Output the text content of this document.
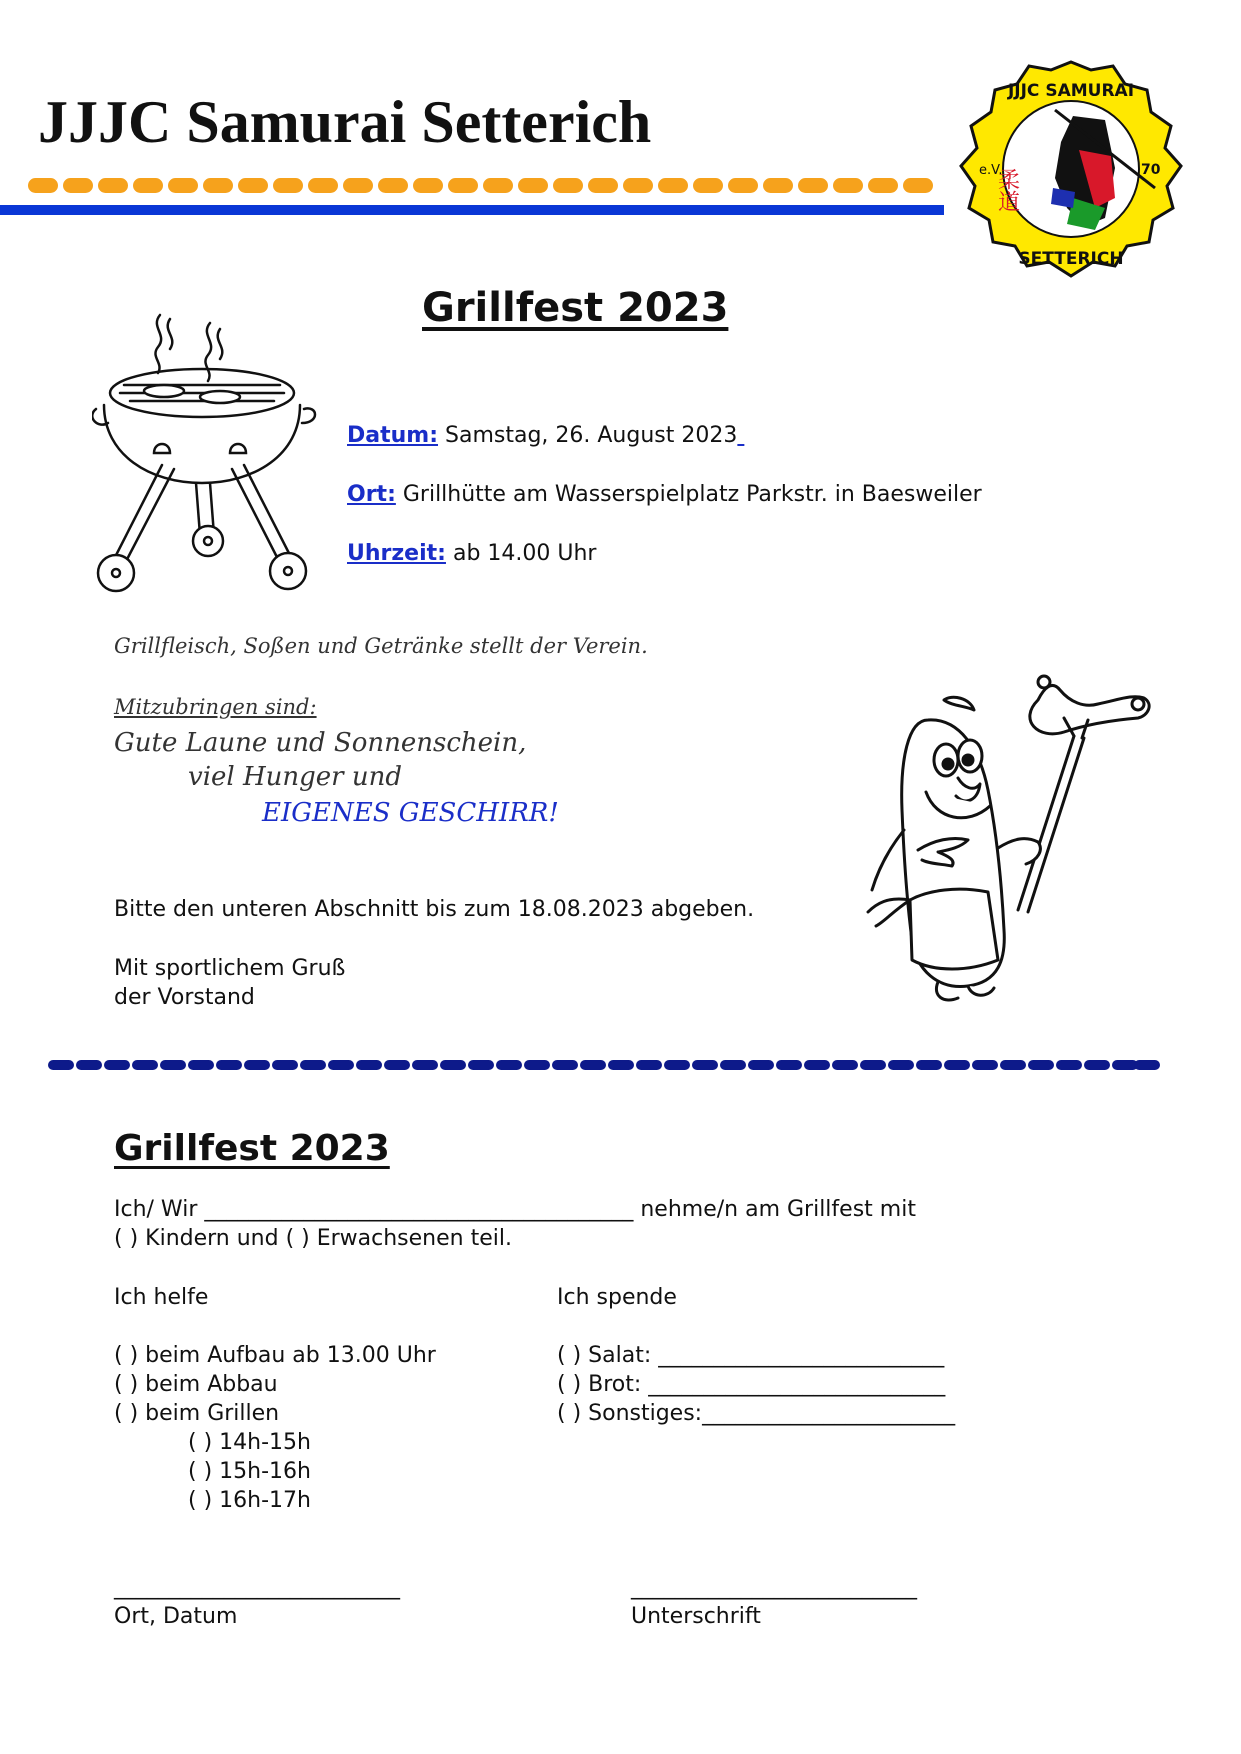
JJJC Samurai Setterich	JJJC SAMURAI
SETTERICH
e.V.	70
柔道
Grillfest 2023
Datum: Samstag, 26. August 2023
Ort: Grillhütte am Wasserspielplatz Parkstr. in Baesweiler
Uhrzeit: ab 14.00 Uhr
Grillfleisch, Soßen und Getränke stellt der Verein.
Mitzubringen sind:
Gute Laune und Sonnenschein,
viel Hunger und
EIGENES GESCHIRR!
Bitte den unteren Abschnitt bis zum 18.08.2023 abgeben.
Mit sportlichem Gruß
der Vorstand
Grillfest 2023
Ich/ Wir _______________________________________ nehme/n am Grillfest mit
( ) Kindern und ( ) Erwachsenen teil.
Ich helfe
( ) beim Aufbau ab 13.00 Uhr
( ) beim Abbau
( ) beim Grillen
( ) 14h-15h
( ) 15h-16h
( ) 16h-17h
Ich spende
( ) Salat: __________________________
( ) Brot: ___________________________
( ) Sonstiges:_______________________
__________________________
Ort, Datum
__________________________
Unterschrift
